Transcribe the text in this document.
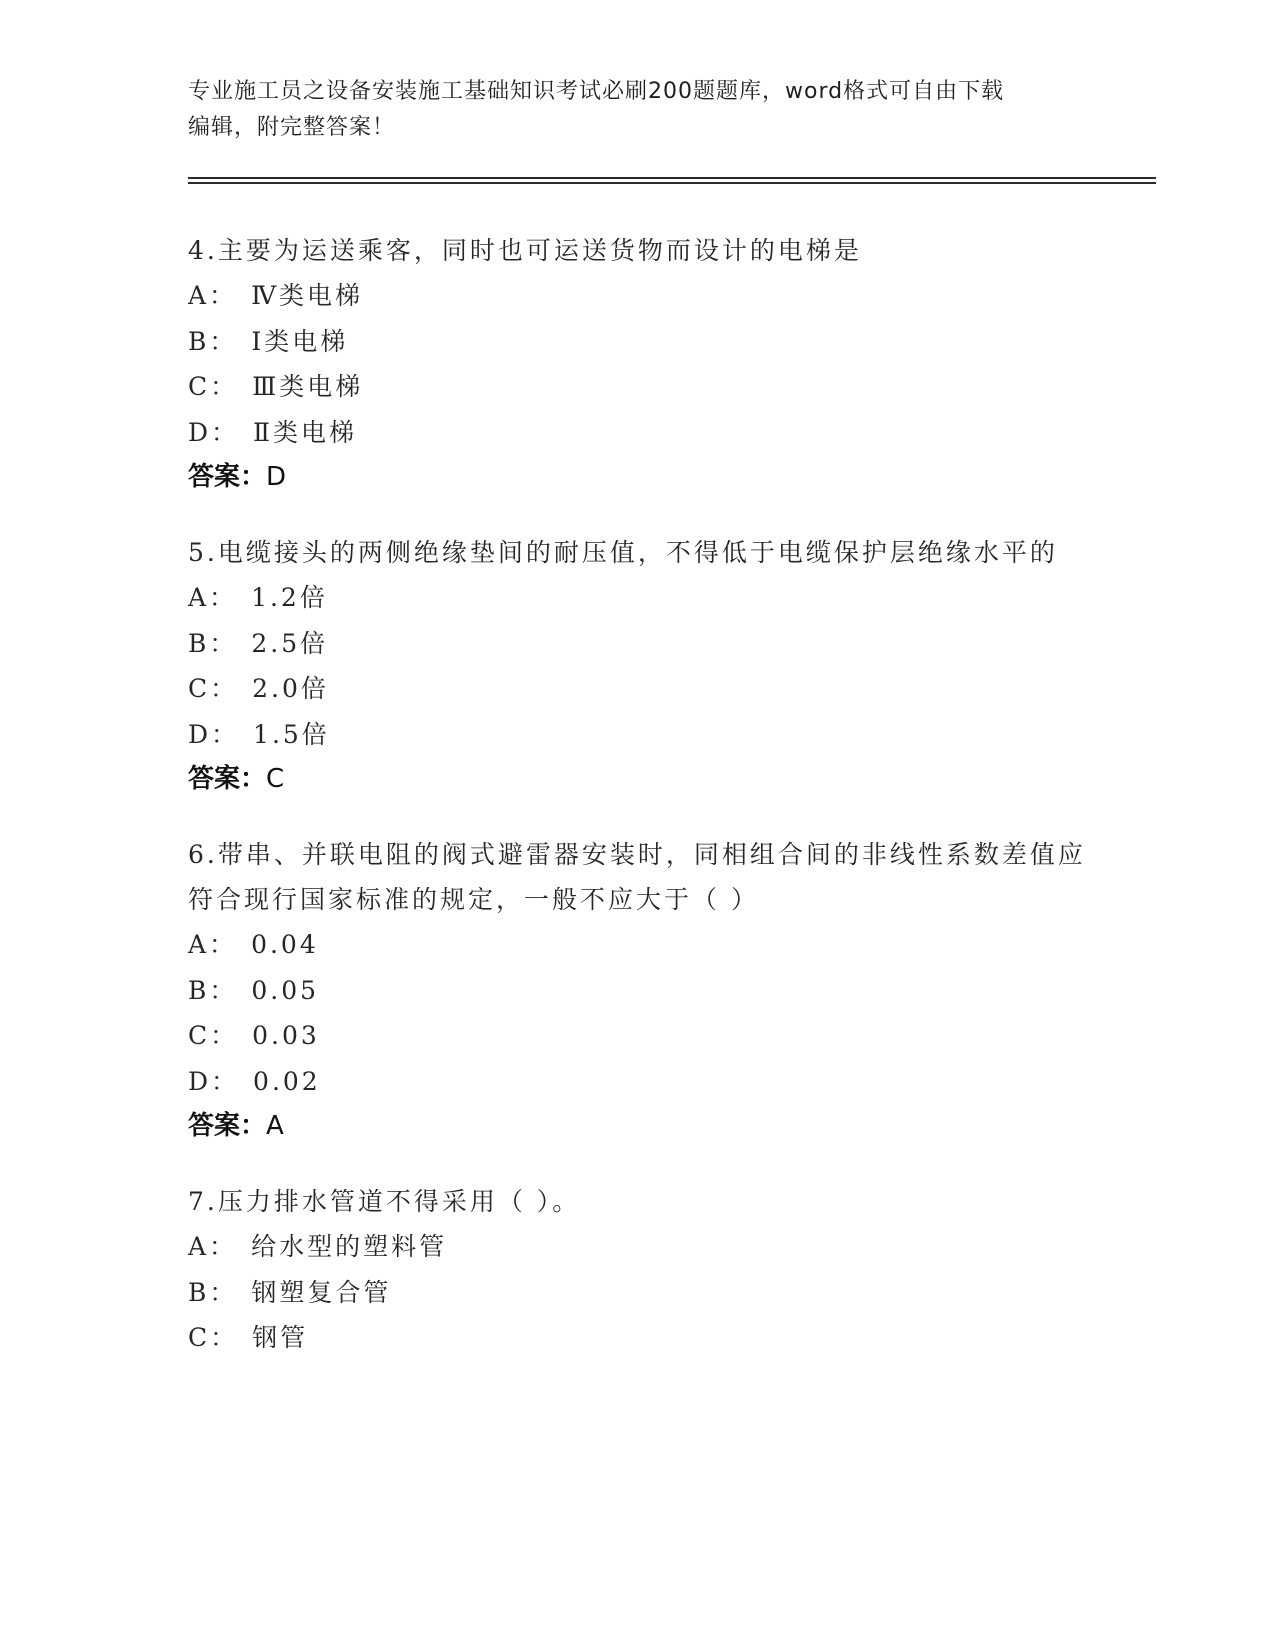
专业施工员之设备安装施工基础知识考试必刷200题题库，word格式可自由下载
编辑，附完整答案！
4.主要为运送乘客，同时也可运送货物而设计的电梯是
A： Ⅳ类电梯
B： Ⅰ类电梯
C： Ⅲ类电梯
D： Ⅱ类电梯
答案：D
5.电缆接头的两侧绝缘垫间的耐压值，不得低于电缆保护层绝缘水平的
A： 1.2倍
B： 2.5倍
C： 2.0倍
D： 1.5倍
答案：C
6.带串、并联电阻的阀式避雷器安装时，同相组合间的非线性系数差值应符合现行国家标准的规定，一般不应大于（ ）
A： 0.04
B： 0.05
C： 0.03
D： 0.02
答案：A
7.压力排水管道不得采用（ ）。
A： 给水型的塑料管
B： 钢塑复合管
C： 钢管
